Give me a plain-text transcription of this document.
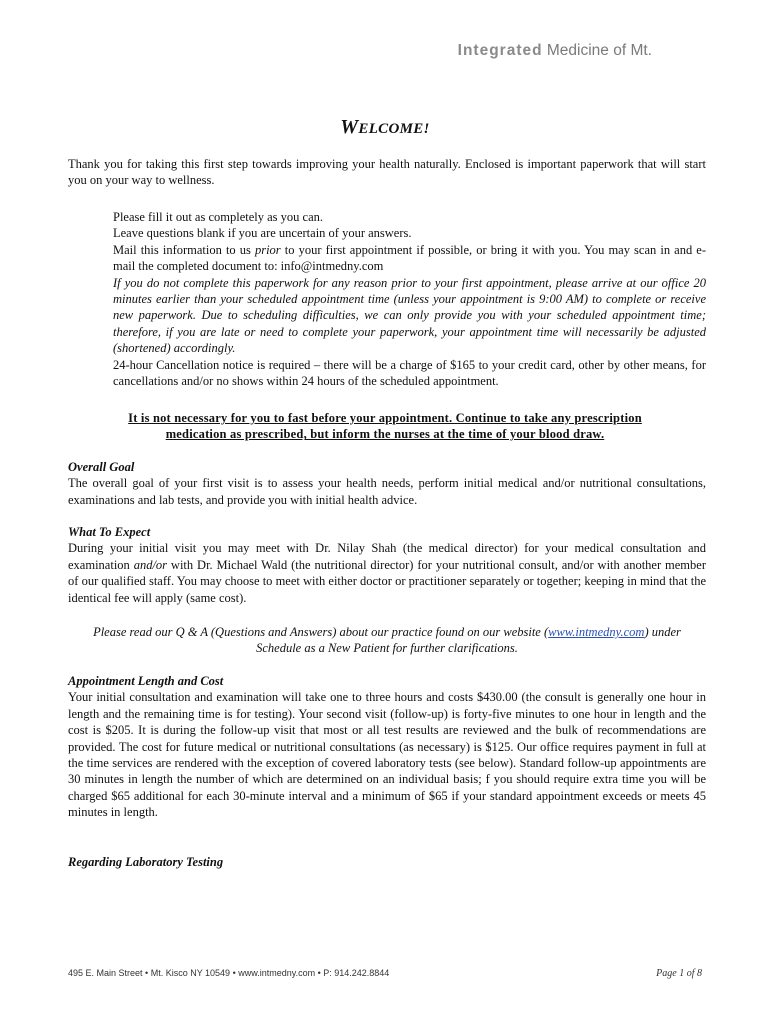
Integrated Medicine of Mt.
WELCOME!
Thank you for taking this first step towards improving your health naturally. Enclosed is important paperwork that will start you on your way to wellness.
Please fill it out as completely as you can.
Leave questions blank if you are uncertain of your answers.
Mail this information to us prior to your first appointment if possible, or bring it with you. You may scan in and e-mail the completed document to: info@intmedny.com
If you do not complete this paperwork for any reason prior to your first appointment, please arrive at our office 20 minutes earlier than your scheduled appointment time (unless your appointment is 9:00 AM) to complete or receive new paperwork. Due to scheduling difficulties, we can only provide you with your scheduled appointment time; therefore, if you are late or need to complete your paperwork, your appointment time will necessarily be adjusted (shortened) accordingly.
24-hour Cancellation notice is required – there will be a charge of $165 to your credit card, other by other means, for cancellations and/or no shows within 24 hours of the scheduled appointment.
It is not necessary for you to fast before your appointment. Continue to take any prescription
medication as prescribed, but inform the nurses at the time of your blood draw.
Overall Goal
The overall goal of your first visit is to assess your health needs, perform initial medical and/or nutritional consultations, examinations and lab tests, and provide you with initial health advice.
What To Expect
During your initial visit you may meet with Dr. Nilay Shah (the medical director) for your medical consultation and examination and/or with Dr. Michael Wald (the nutritional director) for your nutritional consult, and/or with another member of our qualified staff. You may choose to meet with either doctor or practitioner separately or together; keeping in mind that the identical fee will apply (same cost).
Please read our Q & A (Questions and Answers) about our practice found on our website (www.intmedny.com) under
Schedule as a New Patient for further clarifications.
Appointment Length and Cost
Your initial consultation and examination will take one to three hours and costs $430.00 (the consult is generally one hour in length and the remaining time is for testing). Your second visit (follow-up) is forty-five minutes to one hour in length and the cost is $205. It is during the follow-up visit that most or all test results are reviewed and the bulk of recommendations are provided. The cost for future medical or nutritional consultations (as necessary) is $125. Our office requires payment in full at the time services are rendered with the exception of covered laboratory tests (see below). Standard follow-up appointments are 30 minutes in length the number of which are determined on an individual basis; f you should require extra time you will be charged $65 additional for each 30-minute interval and a minimum of $65 if your standard appointment exceeds or meets 45 minutes in length.
Regarding Laboratory Testing
495 E. Main Street • Mt. Kisco NY 10549 • www.intmedny.com • P: 914.242.8844	Page 1 of 8
